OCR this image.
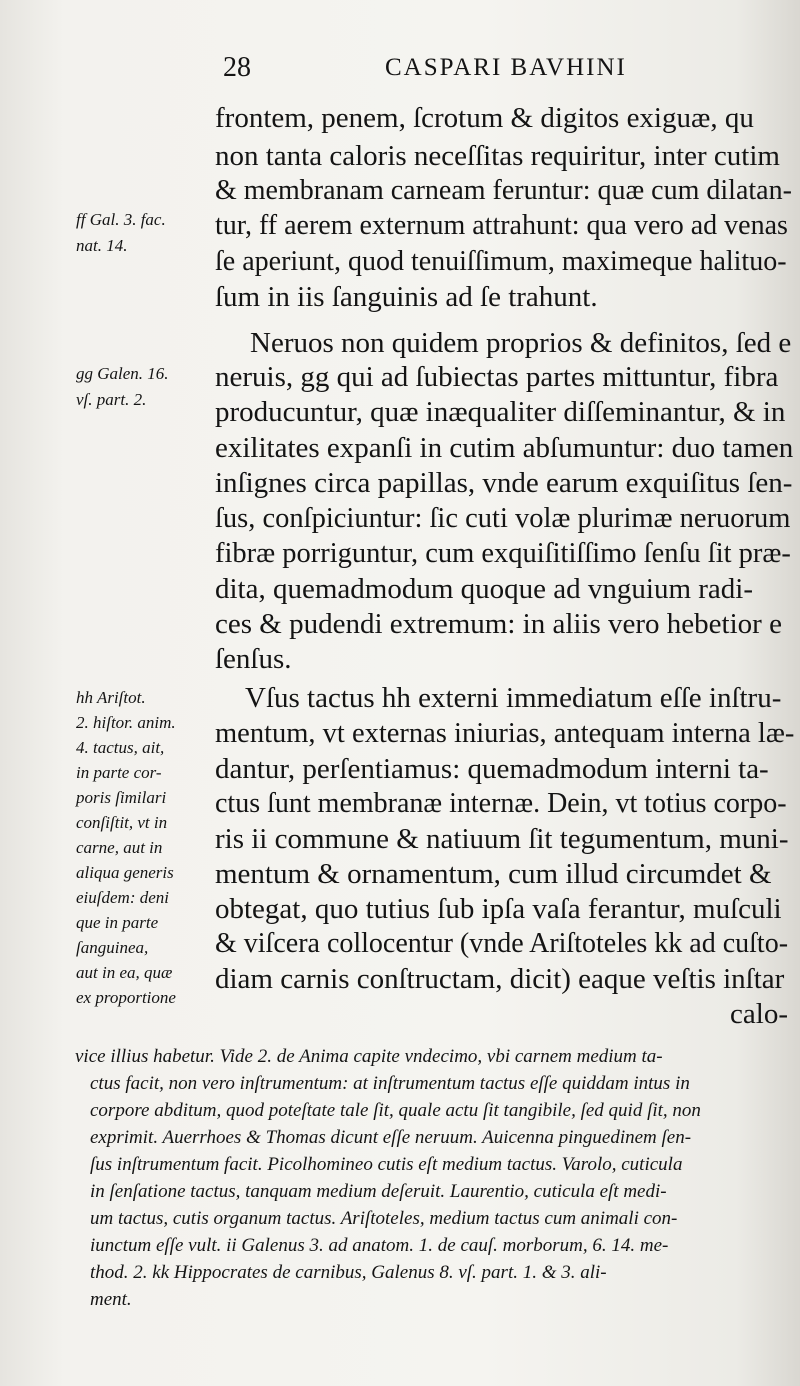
28	CASPARI BAVHINI
frontem, penem, ſcrotum & digitos exiguæ, qu
non tanta caloris neceſſitas requiritur, inter cutim
& membranam carneam feruntur: quæ cum dilatan-
tur, ff aerem externum attrahunt: qua vero ad venas
ſe aperiunt, quod tenuiſſimum, maximeque halituo-
ſum in iis ſanguinis ad ſe trahunt.
Neruos non quidem proprios & definitos, ſed e
neruis, gg qui ad ſubiectas partes mittuntur, fibra
producuntur, quæ inæqualiter diſſeminantur, & in
exilitates expanſi in cutim abſumuntur: duo tamen
inſignes circa papillas, vnde earum exquiſitus ſen-
ſus, conſpiciuntur: ſic cuti volæ plurimæ neruorum
fibræ porriguntur, cum exquiſitiſſimo ſenſu ſit præ-
dita, quemadmodum quoque ad vnguium radi-
ces & pudendi extremum: in aliis vero hebetior e
ſenſus.
Vſus tactus hh externi immediatum eſſe inſtru-
mentum, vt externas iniurias, antequam interna læ-
dantur, perſentiamus: quemadmodum interni ta-
ctus ſunt membranæ internæ. Dein, vt totius corpo-
ris ii commune & natiuum ſit tegumentum, muni-
mentum & ornamentum, cum illud circumdet &
obtegat, quo tutius ſub ipſa vaſa ferantur, muſculi
& viſcera collocentur (vnde Ariſtoteles kk ad cuſto-
diam carnis conſtructam, dicit) eaque veſtis inſtar
calo-
ff Gal. 3. fac.
nat. 14.
gg Galen. 16.
vſ. part. 2.
hh Ariſtot.
2. hiſtor. anim.
4. tactus, ait,
in parte cor-
poris ſimilari
conſiſtit, vt in
carne, aut in
aliqua generis
eiuſdem: deni
que in parte
ſanguinea,
aut in ea, quæ
ex proportione
vice illius habetur. Vide 2. de Anima capite vndecimo, vbi carnem medium ta-
ctus facit, non vero inſtrumentum: at inſtrumentum tactus eſſe quiddam intus in
corpore abditum, quod poteſtate tale ſit, quale actu ſit tangibile, ſed quid ſit, non
exprimit. Auerrhoes & Thomas dicunt eſſe neruum. Auicenna pinguedinem ſen-
ſus inſtrumentum facit. Picolhomineo cutis eſt medium tactus. Varolo, cuticula
in ſenſatione tactus, tanquam medium deſeruit. Laurentio, cuticula eſt medi-
um tactus, cutis organum tactus. Ariſtoteles, medium tactus cum animali con-
iunctum eſſe vult. ii Galenus 3. ad anatom. 1. de cauſ. morborum, 6. 14. me-
thod. 2. kk Hippocrates de carnibus, Galenus 8. vſ. part. 1. & 3. ali-
ment.
